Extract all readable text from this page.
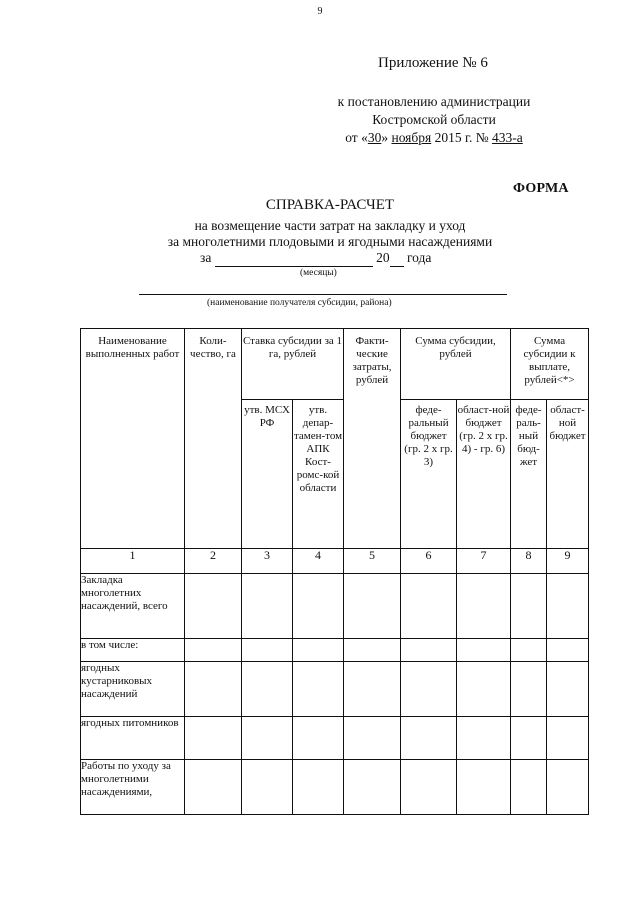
9
Приложение № 6
к постановлению администрации
Костромской области
от «30» ноября 2015 г. № 433-а
ФОРМА
СПРАВКА-РАСЧЕТ
на возмещение части затрат на закладку и уход
за многолетними плодовыми и ягодными насаждениями
за	20 года
(месяцы)
(наименование получателя субсидии, района)
Наименование выполненных работ	Коли-чество, га	Ставка субсидии за 1 га, рублей		Факти-ческие затраты, рублей	Сумма субсидии, рублей		Сумма субсидии к выплате, рублей<*>	
		утв. МСХ РФ	утв. депар-тамен-том АПК Кост-ромс-кой области		феде-ральный бюджет (гр. 2 х гр. 3)	област-ной бюджет (гр. 2 х гр. 4) - гр. 6)	феде-раль-ный бюд-жет	област-ной бюджет
1	2	3	4	5	6	7	8	9
Закладка многолетних насаждений, всего								
в том числе:								
ягодных кустарниковых насаждений								
ягодных питомников								
Работы по уходу за многолетними насаждениями,								
